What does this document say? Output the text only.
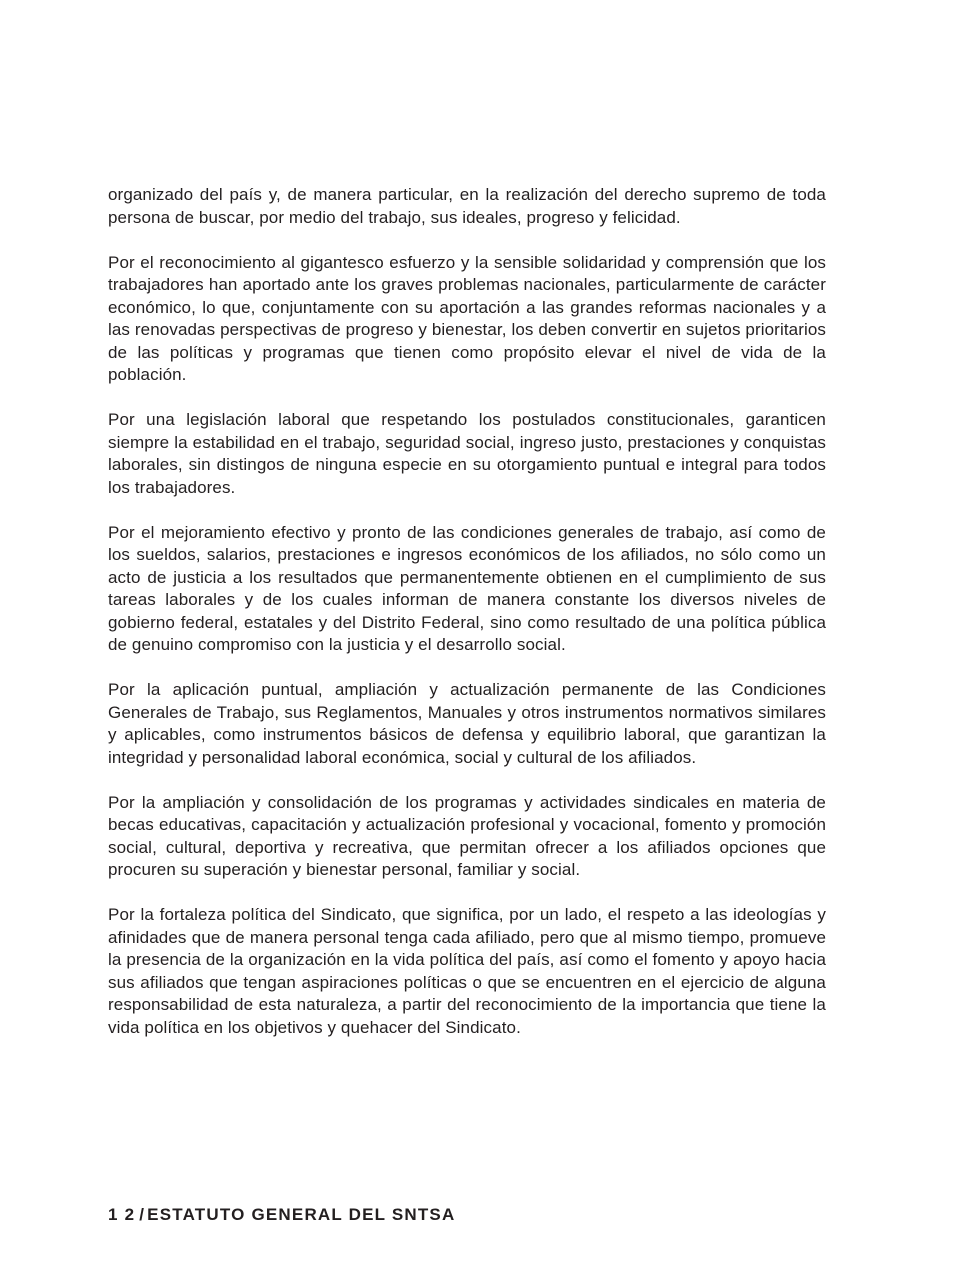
organizado del país y, de manera particular, en la realización del derecho supremo de toda persona de buscar, por medio del trabajo, sus ideales, progreso y felicidad.

Por el reconocimiento al gigantesco esfuerzo y la sensible solidaridad y comprensión que los trabajadores han aportado ante los graves problemas nacionales, particularmente de carácter económico, lo que, conjuntamente con su aportación a las grandes reformas nacionales y a las renovadas perspectivas de progreso y bienestar, los deben convertir en sujetos prioritarios de las políticas y programas que tienen como propósito elevar el nivel de vida de la población.

Por una legislación laboral que respetando los postulados constitucionales, garanticen siempre la estabilidad en el trabajo, seguridad social, ingreso justo, prestaciones y conquistas laborales, sin distingos de ninguna especie en su otorgamiento puntual e integral para todos los trabajadores.

Por el mejoramiento efectivo y pronto de las condiciones generales de trabajo, así como de los sueldos, salarios, prestaciones e ingresos económicos de los afiliados, no sólo como un acto de justicia a los resultados que permanentemente obtienen en el cumplimiento de sus tareas laborales y de los cuales informan de manera constante los diversos niveles de gobierno federal, estatales y del Distrito Federal, sino como resultado de una política pública de genuino compromiso con la justicia y el desarrollo social.

Por la aplicación puntual, ampliación y actualización permanente de las Condiciones Generales de Trabajo, sus Reglamentos, Manuales y otros instrumentos normativos similares y aplicables, como instrumentos básicos de defensa y equilibrio laboral, que garantizan la integridad y personalidad laboral económica, social y cultural de los afiliados.

Por la ampliación y consolidación de los programas y actividades sindicales en materia de becas educativas, capacitación y actualización profesional y vocacional, fomento y promoción social, cultural, deportiva y recreativa, que permitan ofrecer a los afiliados opciones que procuren su superación y bienestar personal, familiar y social.

Por la fortaleza política del Sindicato, que significa, por un lado, el respeto a las ideologías y afinidades que de manera personal tenga cada afiliado, pero que al mismo tiempo, promueve la presencia de la organización en la vida política del país, así como el fomento y apoyo hacia sus afiliados que tengan aspiraciones políticas o que se encuentren en el ejercicio de alguna responsabilidad de esta naturaleza, a partir del reconocimiento de la importancia que tiene la vida política en los objetivos y quehacer del Sindicato.

1 2 / ESTATUTO GENERAL DEL SNTSA
